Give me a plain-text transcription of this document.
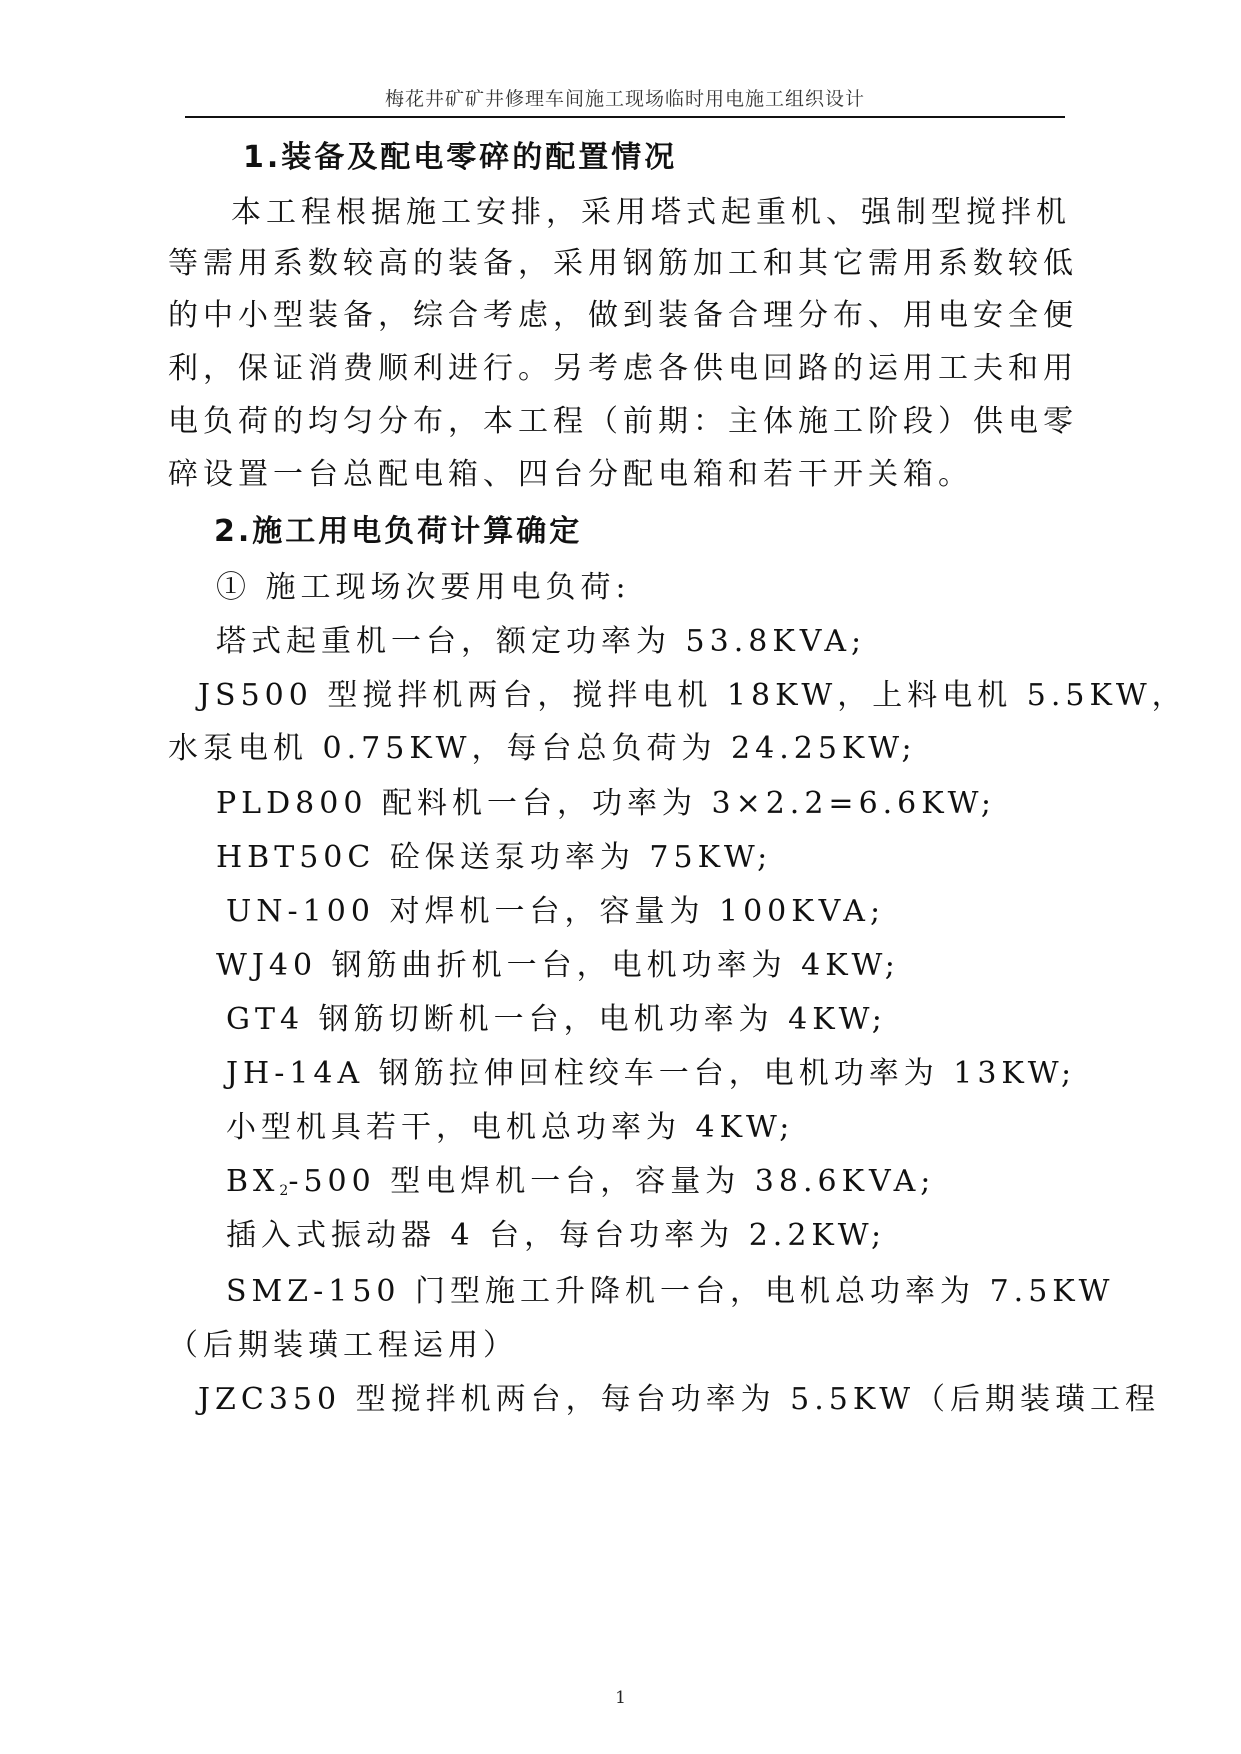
梅花井矿矿井修理车间施工现场临时用电施工组织设计
1.装备及配电零碎的配置情况
本工程根据施工安排，采用塔式起重机、强制型搅拌机
等需用系数较高的装备，采用钢筋加工和其它需用系数较低
的中小型装备，综合考虑，做到装备合理分布、用电安全便
利，保证消费顺利进行。另考虑各供电回路的运用工夫和用
电负荷的均匀分布，本工程（前期：主体施工阶段）供电零
碎设置一台总配电箱、四台分配电箱和若干开关箱。
2.施工用电负荷计算确定
① 施工现场次要用电负荷:
塔式起重机一台，额定功率为 53.8KVA;
JS500 型搅拌机两台，搅拌电机 18KW，上料电机 5.5KW，
水泵电机 0.75KW，每台总负荷为 24.25KW;
PLD800 配料机一台，功率为 3×2.2=6.6KW;
HBT50C 砼保送泵功率为 75KW;
UN-100 对焊机一台，容量为 100KVA;
WJ40 钢筋曲折机一台，电机功率为 4KW;
GT4 钢筋切断机一台，电机功率为 4KW;
JH-14A 钢筋拉伸回柱绞车一台，电机功率为 13KW;
小型机具若干，电机总功率为 4KW;
$BX_2-500$ 型电焊机一台，容量为 38.6KVA;
插入式振动器 4 台，每台功率为 2.2KW;
SMZ-150 门型施工升降机一台，电机总功率为 7.5KW
（后期装璜工程运用）
JZC350 型搅拌机两台，每台功率为 5.5KW（后期装璜工程
1
